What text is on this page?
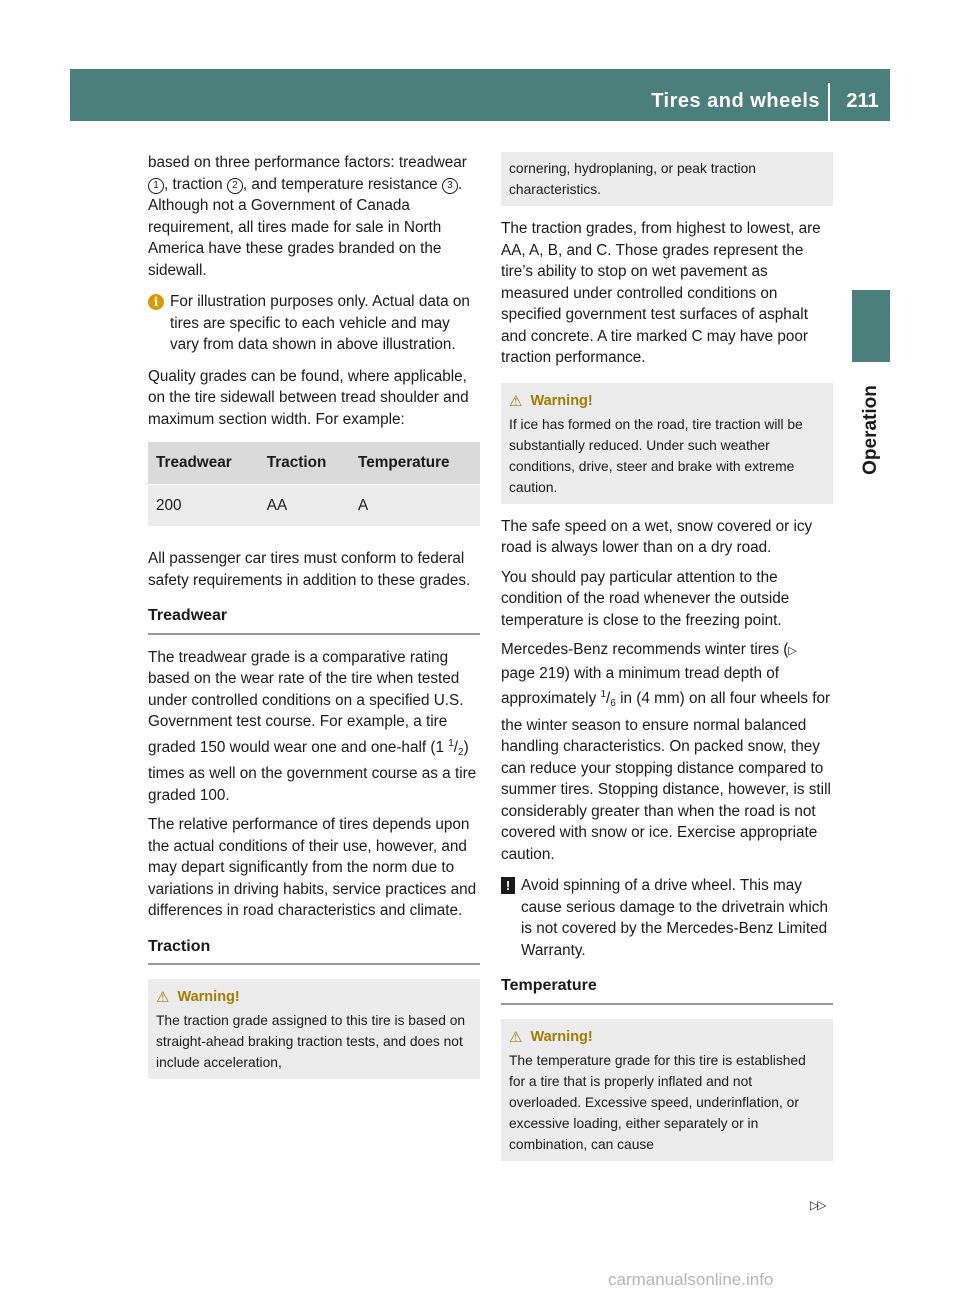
Tires and wheels	211
Operation

based on three performance factors: treadwear 1 , traction 2 , and temperature resistance 3 . Although not a Government of Canada requirement, all tires made for sale in North America have these grades branded on the sidewall.

i For illustration purposes only. Actual data on tires are specific to each vehicle and may vary from data shown in above illustration.

Quality grades can be found, where applicable, on the tire sidewall between tread shoulder and maximum section width. For example:

Treadwear	Traction	Temperature
200	AA	A

All passenger car tires must conform to federal safety requirements in addition to these grades.

Treadwear

The treadwear grade is a comparative rating based on the wear rate of the tire when tested under controlled conditions on a specified U.S. Government test course. For example, a tire graded 150 would wear one and one-half (1 $^1/_2$) times as well on the government course as a tire graded 100.

The relative performance of tires depends upon the actual conditions of their use, however, and may depart significantly from the norm due to variations in driving habits, service practices and differences in road characteristics and climate.

Traction
⚠ Warning!
The traction grade assigned to this tire is based on straight-ahead braking traction tests, and does not include acceleration,
cornering, hydroplaning, or peak traction characteristics.

The traction grades, from highest to lowest, are AA, A, B, and C. Those grades represent the tire’s ability to stop on wet pavement as measured under controlled conditions on specified government test surfaces of asphalt and concrete. A tire marked C may have poor traction performance.

⚠ Warning!
If ice has formed on the road, tire traction will be substantially reduced. Under such weather conditions, drive, steer and brake with extreme caution.

The safe speed on a wet, snow covered or icy road is always lower than on a dry road.

You should pay particular attention to the condition of the road whenever the outside temperature is close to the freezing point.

Mercedes-Benz recommends winter tires (▷ page 219) with a minimum tread depth of approximately $^1/_6$ in (4 mm) on all four wheels for the winter season to ensure normal balanced handling characteristics. On packed snow, they can reduce your stopping distance compared to summer tires. Stopping distance, however, is still considerably greater than when the road is not covered with snow or ice. Exercise appropriate caution.

! Avoid spinning of a drive wheel. This may cause serious damage to the drivetrain which is not covered by the Mercedes-Benz Limited Warranty.
Temperature
⚠ Warning!
The temperature grade for this tire is established for a tire that is properly inflated and not overloaded. Excessive speed, underinflation, or excessive loading, either separately or in combination, can cause
▷▷
carmanualsonline.info
